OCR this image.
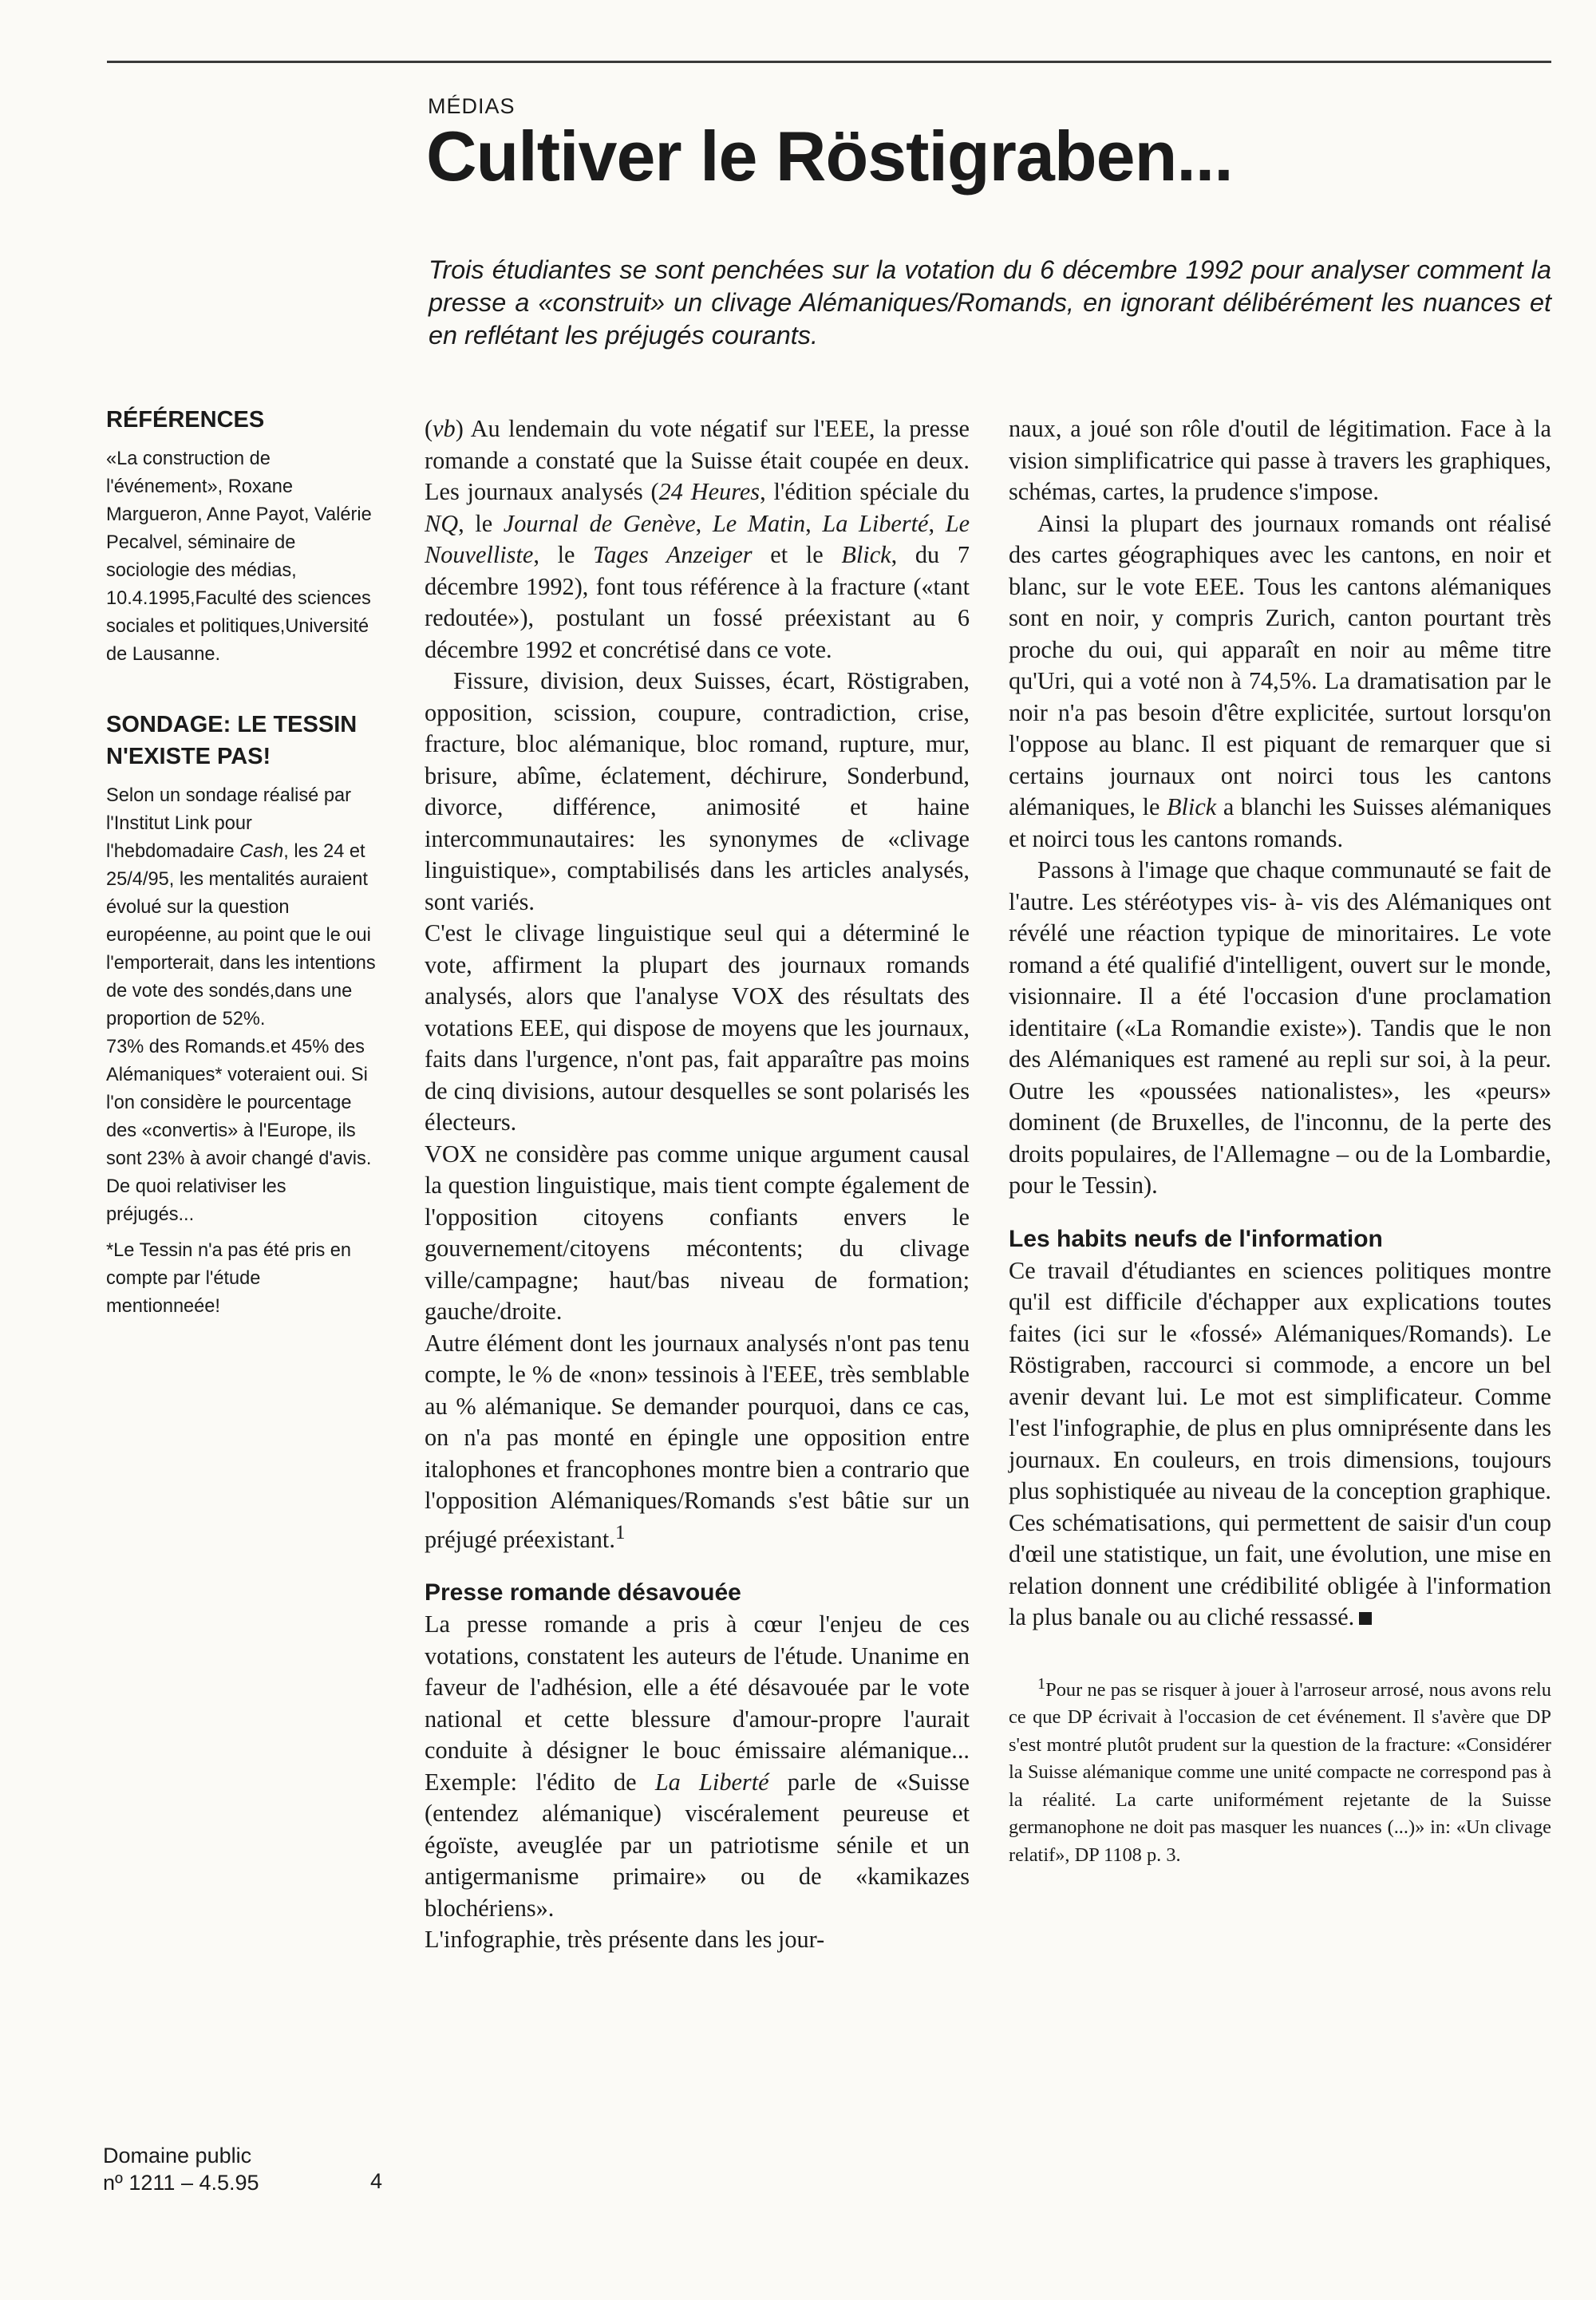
MÉDIAS
Cultiver le Röstigraben...

Trois étudiantes se sont penchées sur la votation du 6 décembre 1992 pour analyser comment la presse a «construit» un clivage Alémaniques/Romands, en ignorant délibérément les nuances et en reflétant les préjugés courants.

RÉFÉRENCES

«La construction de l'événement», Roxane Margueron, Anne Payot, Valérie Pecalvel, séminaire de sociologie des médias, 10.4.1995,Faculté des sciences sociales et politiques,Université de Lausanne.

SONDAGE: LE TESSIN N'EXISTE PAS!

Selon un sondage réalisé par l'Institut Link pour l'hebdomadaire Cash, les 24 et 25/4/95, les mentalités auraient évolué sur la question européenne, au point que le oui l'emporterait, dans les intentions de vote des sondés,dans une proportion de 52%.

73% des Romands.et 45% des Alémaniques* voteraient oui. Si l'on considère le pourcentage des «convertis» à l'Europe, ils sont 23% à avoir changé d'avis. De quoi relativiser les préjugés...

*Le Tessin n'a pas été pris en compte par l'étude mentionneée!

Domaine public
nº 1211 – 4.5.95	4

(vb) Au lendemain du vote négatif sur l'EEE, la presse romande a constaté que la Suisse était coupée en deux. Les journaux analysés (24 Heures, l'édition spéciale du NQ, le Journal de Genève, Le Matin, La Liberté, Le Nouvelliste, le Tages Anzeiger et le Blick, du 7 décembre 1992), font tous référence à la fracture («tant redoutée»), postulant un fossé préexistant au 6 décembre 1992 et concrétisé dans ce vote.

Fissure, division, deux Suisses, écart, Röstigraben, opposition, scission, coupure, contradiction, crise, fracture, bloc alémanique, bloc romand, rupture, mur, brisure, abîme, éclatement, déchirure, Sonderbund, divorce, différence, animosité et haine intercommunautaires: les synonymes de «clivage linguistique», comptabilisés dans les articles analysés, sont variés.

C'est le clivage linguistique seul qui a déterminé le vote, affirment la plupart des journaux romands analysés, alors que l'analyse VOX des résultats des votations EEE, qui dispose de moyens que les journaux, faits dans l'urgence, n'ont pas, fait apparaître pas moins de cinq divisions, autour desquelles se sont polarisés les électeurs.

VOX ne considère pas comme unique argument causal la question linguistique, mais tient compte également de l'opposition citoyens confiants envers le gouvernement/citoyens mécontents; du clivage ville/campagne; haut/bas niveau de formation; gauche/droite.

Autre élément dont les journaux analysés n'ont pas tenu compte, le % de «non» tessinois à l'EEE, très semblable au % alémanique. Se demander pourquoi, dans ce cas, on n'a pas monté en épingle une opposition entre italophones et francophones montre bien a contrario que l'opposition Alémaniques/Romands s'est bâtie sur un préjugé préexistant.$^1$

Presse romande désavouée

La presse romande a pris à cœur l'enjeu de ces votations, constatent les auteurs de l'étude. Unanime en faveur de l'adhésion, elle a été désavouée par le vote national et cette blessure d'amour-propre l'aurait conduite à désigner le bouc émissaire alémanique... Exemple: l'édito de La Liberté parle de «Suisse (entendez alémanique) viscéralement peureuse et égoïste, aveuglée par un patriotisme sénile et un antigermanisme primaire» ou de «kamikazes blochériens».

L'infographie, très présente dans les jour-

naux, a joué son rôle d'outil de légitimation. Face à la vision simplificatrice qui passe à travers les graphiques, schémas, cartes, la prudence s'impose.

Ainsi la plupart des journaux romands ont réalisé des cartes géographiques avec les cantons, en noir et blanc, sur le vote EEE. Tous les cantons alémaniques sont en noir, y compris Zurich, canton pourtant très proche du oui, qui apparaît en noir au même titre qu'Uri, qui a voté non à 74,5%. La dramatisation par le noir n'a pas besoin d'être explicitée, surtout lorsqu'on l'oppose au blanc. Il est piquant de remarquer que si certains journaux ont noirci tous les cantons alémaniques, le Blick a blanchi les Suisses alémaniques et noirci tous les cantons romands.

Passons à l'image que chaque communauté se fait de l'autre. Les stéréotypes vis- à- vis des Alémaniques ont révélé une réaction typique de minoritaires. Le vote romand a été qualifié d'intelligent, ouvert sur le monde, visionnaire. Il a été l'occasion d'une proclamation identitaire («La Romandie existe»). Tandis que le non des Alémaniques est ramené au repli sur soi, à la peur. Outre les «poussées nationalistes», les «peurs» dominent (de Bruxelles, de l'inconnu, de la perte des droits populaires, de l'Allemagne – ou de la Lombardie, pour le Tessin).

Les habits neufs de l'information

Ce travail d'étudiantes en sciences politiques montre qu'il est difficile d'échapper aux explications toutes faites (ici sur le «fossé» Alémaniques/Romands). Le Röstigraben, raccourci si commode, a encore un bel avenir devant lui. Le mot est simplificateur. Comme l'est l'infographie, de plus en plus omniprésente dans les journaux. En couleurs, en trois dimensions, toujours plus sophistiquée au niveau de la conception graphique. Ces schématisations, qui permettent de saisir d'un coup d'œil une statistique, un fait, une évolution, une mise en relation donnent une crédibilité obligée à l'information la plus banale ou au cliché ressassé.

$^1$Pour ne pas se risquer à jouer à l'arroseur arrosé, nous avons relu ce que DP écrivait à l'occasion de cet événement. Il s'avère que DP s'est montré plutôt prudent sur la question de la fracture: «Considérer la Suisse alémanique comme une unité compacte ne correspond pas à la réalité. La carte uniformément rejetante de la Suisse germanophone ne doit pas masquer les nuances (...)» in: «Un clivage relatif», DP 1108 p. 3.
